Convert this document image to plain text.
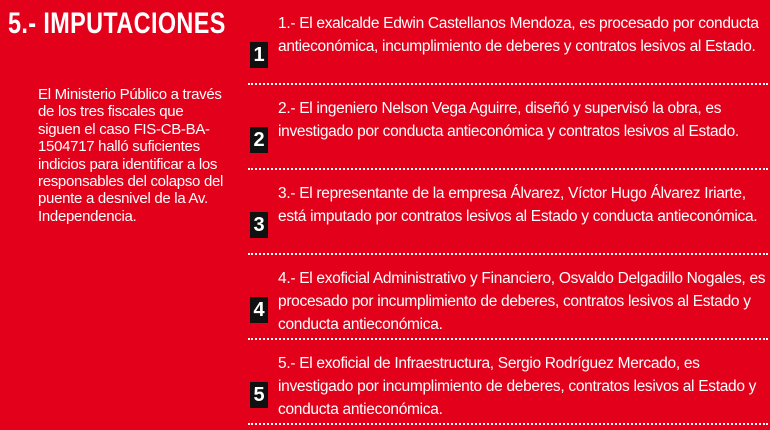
5.- IMPUTACIONES
El Ministerio Público a través de los tres fiscales que siguen el caso FIS-CB-BA-1504717 halló suficientes indicios para identificar a los responsables del colapso del puente a desnivel de la Av. Independencia.
1
1.- El exalcalde Edwin Castellanos Mendoza, es procesado por conducta antieconómica, incumplimiento de deberes y contratos lesivos al Estado.
2
2.- El ingeniero Nelson Vega Aguirre, diseñó y supervisó la obra, es investigado por conducta antieconómica y contratos lesivos al Estado.
3
3.- El representante de la empresa Álvarez, Víctor Hugo Álvarez Iriarte, está imputado por contratos lesivos al Estado y conducta antieconómica.
4
4.- El exoficial Administrativo y Financiero, Osvaldo Delgadillo Nogales, es procesado por incumplimiento de deberes, contratos lesivos al Estado y conducta antieconómica.
5
5.- El exoficial de Infraestructura, Sergio Rodríguez Mercado, es investigado por incumplimiento de deberes, contratos lesivos al Estado y conducta antieconómica.
